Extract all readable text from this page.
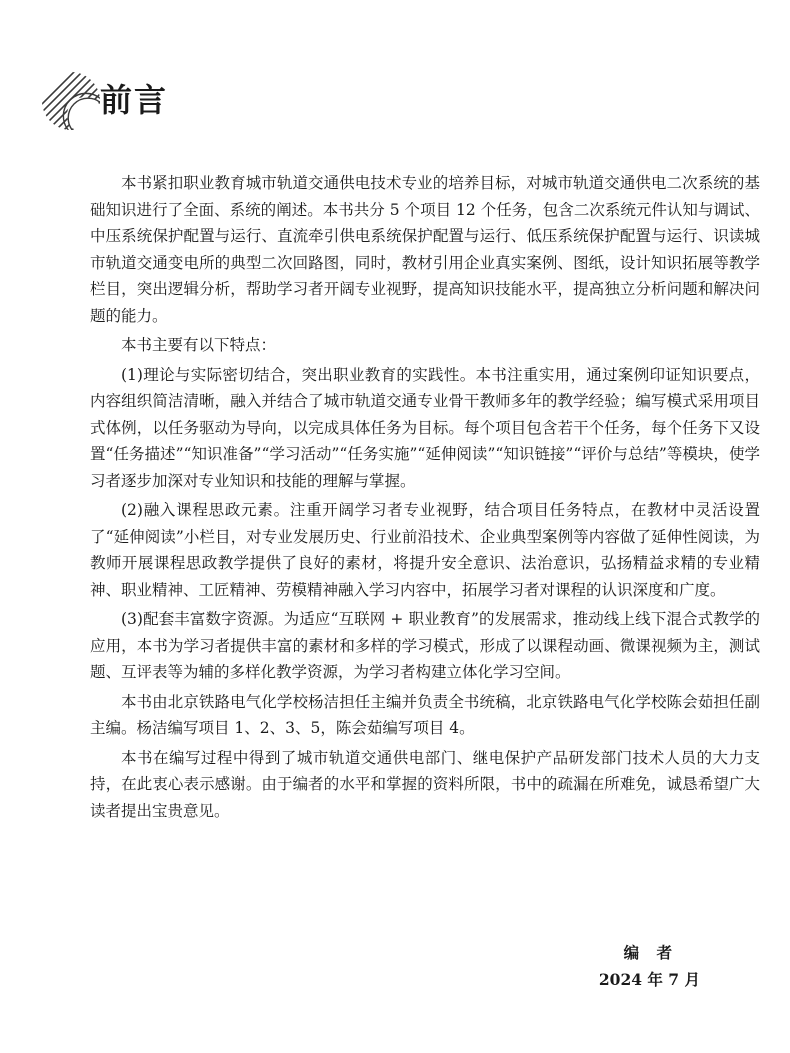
前言

本书紧扣职业教育城市轨道交通供电技术专业的培养目标，对城市轨道交通供电二次系统的基础知识进行了全面、系统的阐述。本书共分 5 个项目 12 个任务，包含二次系统元件认知与调试、中压系统保护配置与运行、直流牵引供电系统保护配置与运行、低压系统保护配置与运行、识读城市轨道交通变电所的典型二次回路图，同时，教材引用企业真实案例、图纸，设计知识拓展等教学栏目，突出逻辑分析，帮助学习者开阔专业视野，提高知识技能水平，提高独立分析问题和解决问题的能力。

本书主要有以下特点：

(1)理论与实际密切结合，突出职业教育的实践性。本书注重实用，通过案例印证知识要点，内容组织简洁清晰，融入并结合了城市轨道交通专业骨干教师多年的教学经验；编写模式采用项目式体例，以任务驱动为导向，以完成具体任务为目标。每个项目包含若干个任务，每个任务下又设置“任务描述”“知识准备”“学习活动”“任务实施”“延伸阅读”“知识链接”“评价与总结”等模块，使学习者逐步加深对专业知识和技能的理解与掌握。

(2)融入课程思政元素。注重开阔学习者专业视野，结合项目任务特点，在教材中灵活设置了“延伸阅读”小栏目，对专业发展历史、行业前沿技术、企业典型案例等内容做了延伸性阅读，为教师开展课程思政教学提供了良好的素材，将提升安全意识、法治意识，弘扬精益求精的专业精神、职业精神、工匠精神、劳模精神融入学习内容中，拓展学习者对课程的认识深度和广度。

(3)配套丰富数字资源。为适应“互联网 + 职业教育”的发展需求，推动线上线下混合式教学的应用，本书为学习者提供丰富的素材和多样的学习模式，形成了以课程动画、微课视频为主，测试题、互评表等为辅的多样化教学资源，为学习者构建立体化学习空间。

本书由北京铁路电气化学校杨洁担任主编并负责全书统稿，北京铁路电气化学校陈会茹担任副主编。杨洁编写项目 1、2、3、5，陈会茹编写项目 4。

本书在编写过程中得到了城市轨道交通供电部门、继电保护产品研发部门技术人员的大力支持，在此衷心表示感谢。由于编者的水平和掌握的资料所限，书中的疏漏在所难免，诚恳希望广大读者提出宝贵意见。

编 者
2024 年 7 月
